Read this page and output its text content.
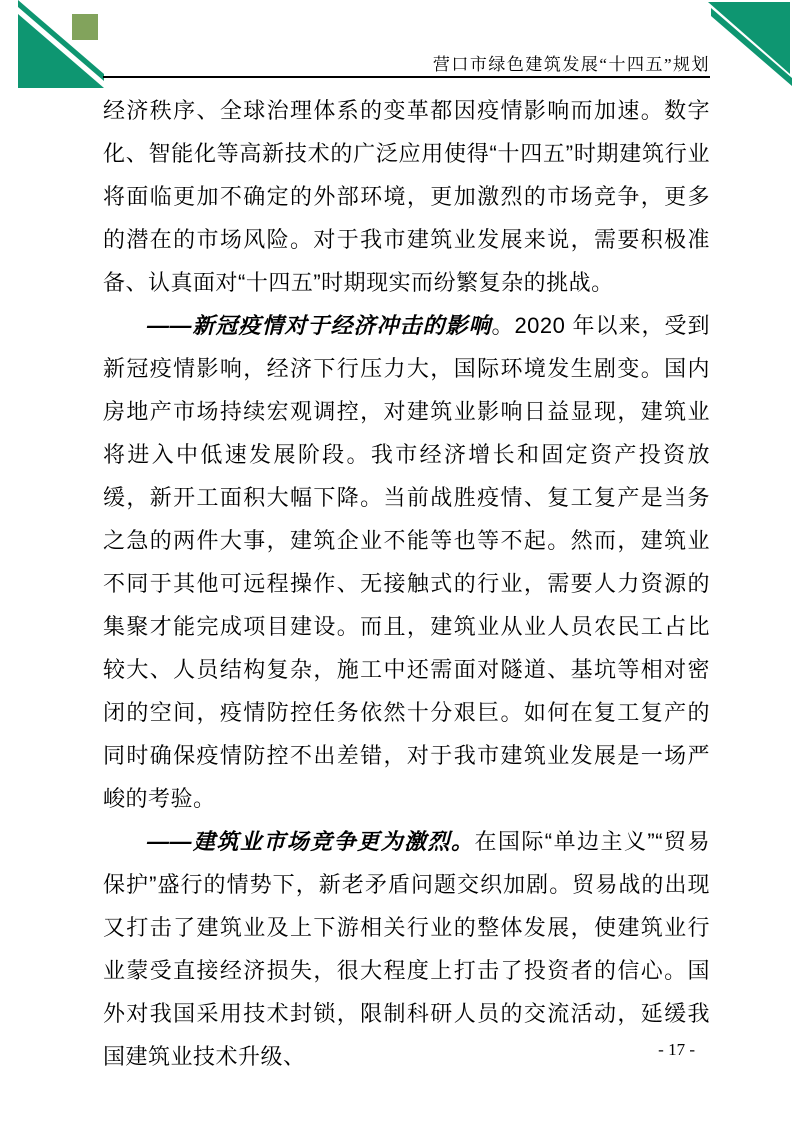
营口市绿色建筑发展“十四五”规划

经济秩序、全球治理体系的变革都因疫情影响而加速。数字化、智能化等高新技术的广泛应用使得“十四五”时期建筑行业将面临更加不确定的外部环境，更加激烈的市场竞争，更多的潜在的市场风险。对于我市建筑业发展来说，需要积极准备、认真面对“十四五”时期现实而纷繁复杂的挑战。

——新冠疫情对于经济冲击的影响。2020 年以来，受到新冠疫情影响，经济下行压力大，国际环境发生剧变。国内房地产市场持续宏观调控，对建筑业影响日益显现，建筑业将进入中低速发展阶段。我市经济增长和固定资产投资放缓，新开工面积大幅下降。当前战胜疫情、复工复产是当务之急的两件大事，建筑企业不能等也等不起。然而，建筑业不同于其他可远程操作、无接触式的行业，需要人力资源的集聚才能完成项目建设。而且，建筑业从业人员农民工占比较大、人员结构复杂，施工中还需面对隧道、基坑等相对密闭的空间，疫情防控任务依然十分艰巨。如何在复工复产的同时确保疫情防控不出差错，对于我市建筑业发展是一场严峻的考验。

——建筑业市场竞争更为激烈。在国际“单边主义”“贸易保护”盛行的情势下，新老矛盾问题交织加剧。贸易战的出现又打击了建筑业及上下游相关行业的整体发展，使建筑业行业蒙受直接经济损失，很大程度上打击了投资者的信心。国外对我国采用技术封锁，限制科研人员的交流活动，延缓我国建筑业技术升级、	- 17 -
